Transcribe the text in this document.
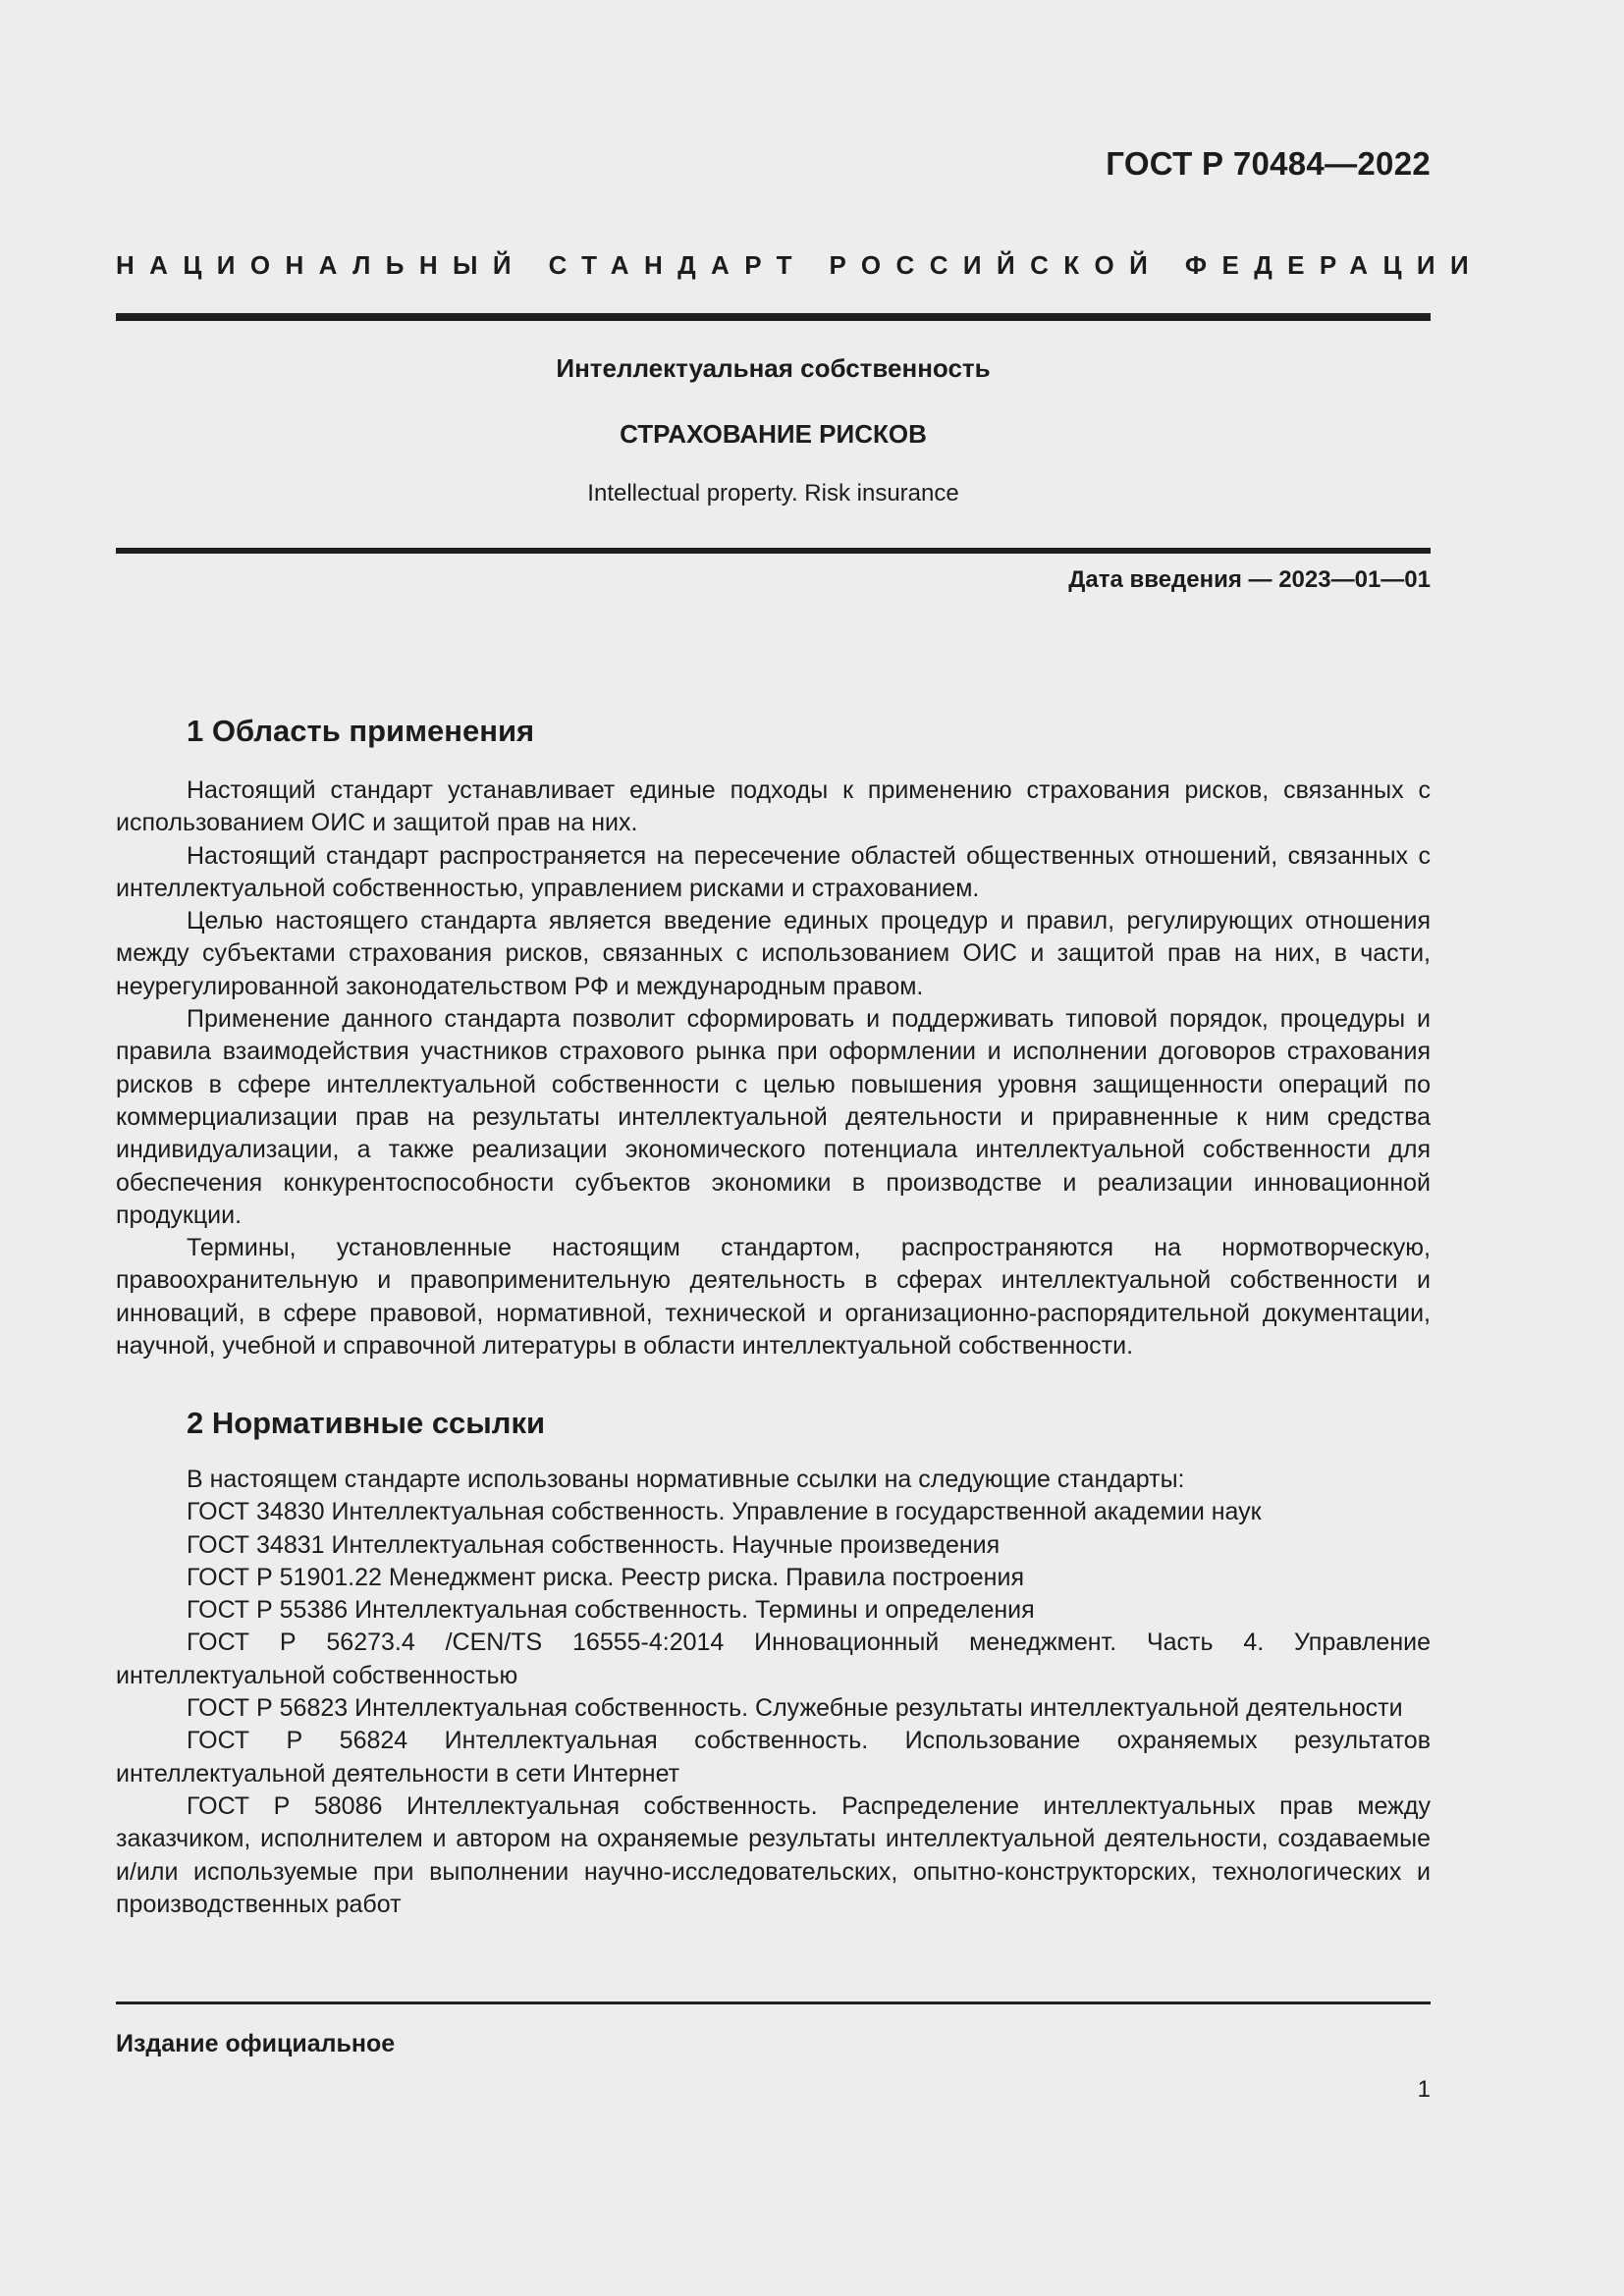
ГОСТ Р 70484—2022
НАЦИОНАЛЬНЫЙ СТАНДАРТ РОССИЙСКОЙ ФЕДЕРАЦИИ
Интеллектуальная собственность
СТРАХОВАНИЕ РИСКОВ
Intellectual property. Risk insurance
Дата введения — 2023—01—01
1 Область применения

Настоящий стандарт устанавливает единые подходы к применению страхования рисков, связанных с использованием ОИС и защитой прав на них.

Настоящий стандарт распространяется на пересечение областей общественных отношений, связанных с интеллектуальной собственностью, управлением рисками и страхованием.

Целью настоящего стандарта является введение единых процедур и правил, регулирующих отношения между субъектами страхования рисков, связанных с использованием ОИС и защитой прав на них, в части, неурегулированной законодательством РФ и международным правом.

Применение данного стандарта позволит сформировать и поддерживать типовой порядок, процедуры и правила взаимодействия участников страхового рынка при оформлении и исполнении договоров страхования рисков в сфере интеллектуальной собственности с целью повышения уровня защищенности операций по коммерциализации прав на результаты интеллектуальной деятельности и приравненные к ним средства индивидуализации, а также реализации экономического потенциала интеллектуальной собственности для обеспечения конкурентоспособности субъектов экономики в производстве и реализации инновационной продукции.

Термины, установленные настоящим стандартом, распространяются на нормотворческую, правоохранительную и правоприменительную деятельность в сферах интеллектуальной собственности и инноваций, в сфере правовой, нормативной, технической и организационно-распорядительной документации, научной, учебной и справочной литературы в области интеллектуальной собственности.

2 Нормативные ссылки

В настоящем стандарте использованы нормативные ссылки на следующие стандарты:

ГОСТ 34830 Интеллектуальная собственность. Управление в государственной академии наук

ГОСТ 34831 Интеллектуальная собственность. Научные произведения

ГОСТ Р 51901.22 Менеджмент риска. Реестр риска. Правила построения

ГОСТ Р 55386 Интеллектуальная собственность. Термины и определения

ГОСТ Р 56273.4 /CEN/TS 16555-4:2014 Инновационный менеджмент. Часть 4. Управление интеллектуальной собственностью

ГОСТ Р 56823 Интеллектуальная собственность. Служебные результаты интеллектуальной деятельности

ГОСТ Р 56824 Интеллектуальная собственность. Использование охраняемых результатов интеллектуальной деятельности в сети Интернет

ГОСТ Р 58086 Интеллектуальная собственность. Распределение интеллектуальных прав между заказчиком, исполнителем и автором на охраняемые результаты интеллектуальной деятельности, создаваемые и/или используемые при выполнении научно-исследовательских, опытно-конструкторских, технологических и производственных работ

Издание официальное
1
